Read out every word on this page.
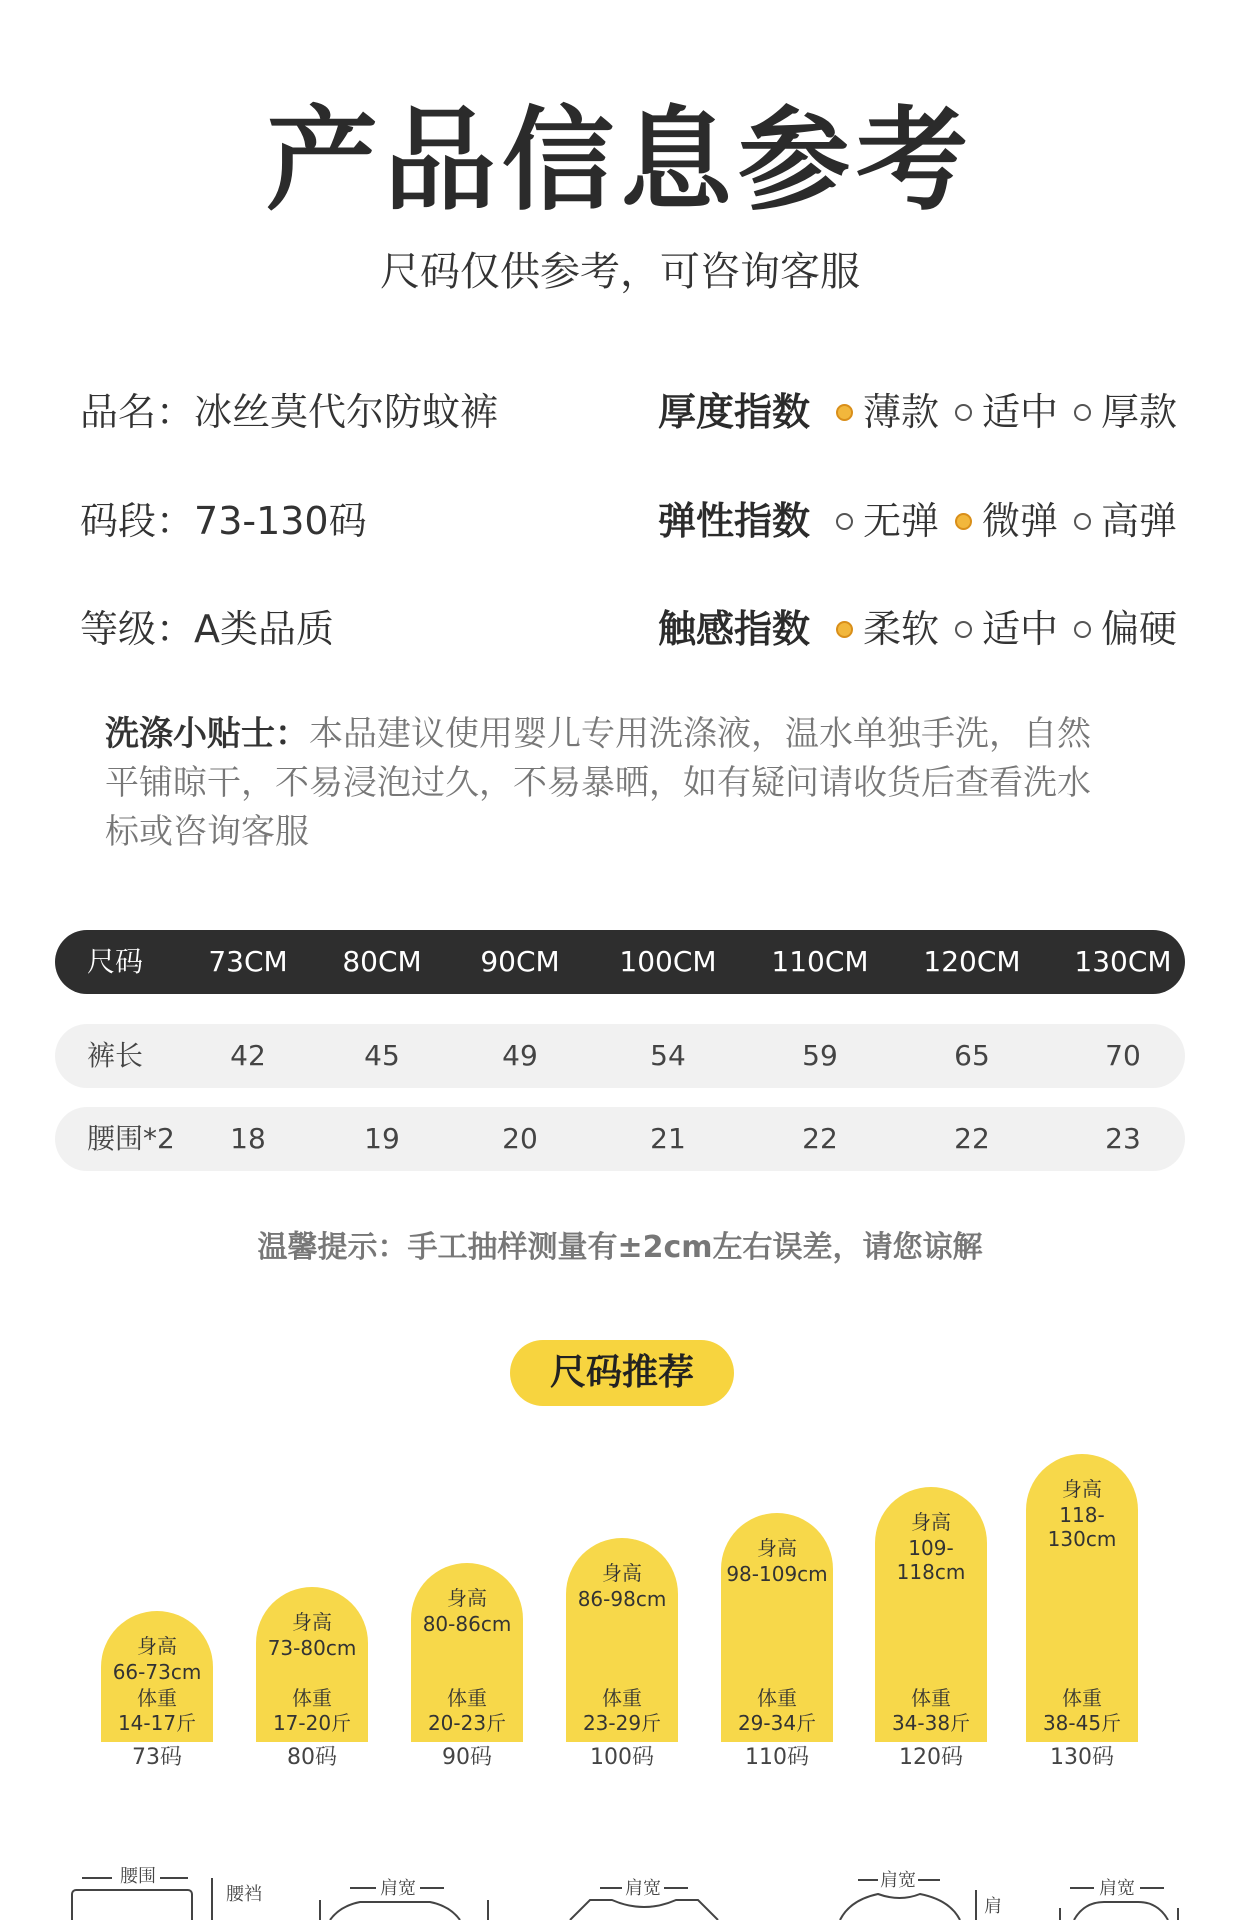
产品信息参考
尺码仅供参考，可咨询客服
品名：冰丝莫代尔防蚊裤
码段：73-130码
等级：A类品质
厚度指数 薄款 适中 厚款
弹性指数 无弹 微弹 高弹
触感指数 柔软 适中 偏硬
洗涤小贴士：本品建议使用婴儿专用洗涤液，温水单独手洗，自然
平铺晾干，不易浸泡过久，不易暴晒，如有疑问请收货后查看洗水
标或咨询客服
尺码 73CM 80CM 90CM 100CM 110CM 120CM 130CM
裤长	42	45	49	54	59	65	70
腰围*2 18	19	20	21	22	22	23
温馨提示：手工抽样测量有±2cm左右误差，请您谅解
尺码推荐
身高
66-73cm
体重
14-17斤
身高
73-80cm
体重
17-20斤
身高
80-86cm
体重
20-23斤
身高
86-98cm
体重
23-29斤
身高
98-109cm
体重
29-34斤
身高
109-118cm
体重
34-38斤
身高
118-130cm
体重
38-45斤
73码	80码	90码	100码	110码	120码	130码
腰围
腰裆	肩宽	肩宽	肩宽
肩
肩宽
